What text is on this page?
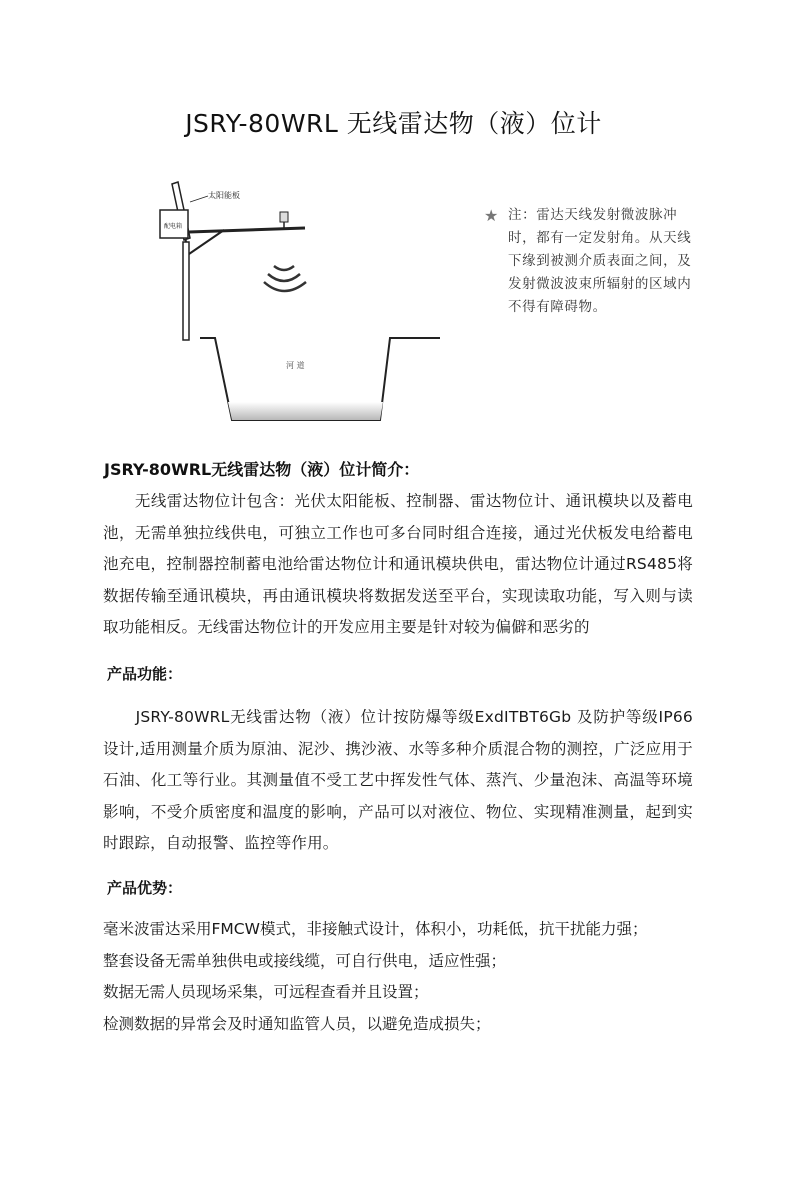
JSRY-80WRL 无线雷达物（液）位计
河 道
太阳能板
配电箱
★ 注：雷达天线发射微波脉冲时，都有一定发射角。从天线下缘到被测介质表面之间，及发射微波波束所辐射的区域内不得有障碍物。
JSRY-80WRL无线雷达物（液）位计简介：
　　无线雷达物位计包含：光伏太阳能板、控制器、雷达物位计、通讯模块以及蓄电池，无需单独拉线供电，可独立工作也可多台同时组合连接，通过光伏板发电给蓄电池充电，控制器控制蓄电池给雷达物位计和通讯模块供电，雷达物位计通过RS485将数据传输至通讯模块，再由通讯模块将数据发送至平台，实现读取功能，写入则与读取功能相反。无线雷达物位计的开发应用主要是针对较为偏僻和恶劣的
产品功能：
　　JSRY-80WRL无线雷达物（液）位计按防爆等级ExdITBT6Gb 及防护等级IP66 设计,适用测量介质为原油、泥沙、携沙液、水等多种介质混合物的测控，广泛应用于石油、化工等行业。其测量值不受工艺中挥发性气体、蒸汽、少量泡沫、高温等环境影响，不受介质密度和温度的影响，产品可以对液位、物位、实现精准测量，起到实时跟踪，自动报警、监控等作用。
产品优势：
毫米波雷达采用FMCW模式，非接触式设计，体积小，功耗低，抗干扰能力强；
整套设备无需单独供电或接线缆，可自行供电，适应性强；
数据无需人员现场采集，可远程查看并且设置；
检测数据的异常会及时通知监管人员，以避免造成损失；
